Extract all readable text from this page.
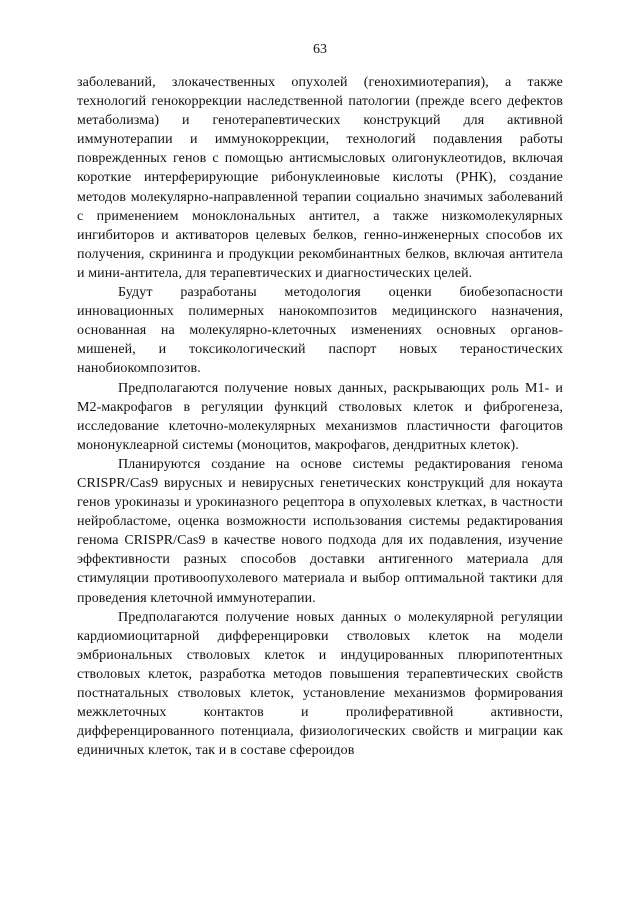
63

заболеваний, злокачественных опухолей (генохимиотерапия), а также технологий генокоррекции наследственной патологии (прежде всего дефектов метаболизма) и генотерапевтических конструкций для активной иммунотерапии и иммунокоррекции, технологий подавления работы поврежденных генов с помощью антисмысловых олигонуклеотидов, включая короткие интерферирующие рибонуклеиновые кислоты (РНК), создание методов молекулярно-направленной терапии социально значимых заболеваний с применением моноклональных антител, а также низкомолекулярных ингибиторов и активаторов целевых белков, генно-инженерных способов их получения, скрининга и продукции рекомбинантных белков, включая антитела и мини-антитела, для терапевтических и диагностических целей.

Будут разработаны методология оценки биобезопасности инновационных полимерных нанокомпозитов медицинского назначения, основанная на молекулярно-клеточных изменениях основных органов-мишеней, и токсикологический паспорт новых тераностических нанобиокомпозитов.

Предполагаются получение новых данных, раскрывающих роль М1- и М2-макрофагов в регуляции функций стволовых клеток и фиброгенеза, исследование клеточно-молекулярных механизмов пластичности фагоцитов мононуклеарной системы (моноцитов, макрофагов, дендритных клеток).

Планируются создание на основе системы редактирования генома CRISPR/Cas9 вирусных и невирусных генетических конструкций для нокаута генов урокиназы и урокиназного рецептора в опухолевых клетках, в частности нейробластоме, оценка возможности использования системы редактирования генома CRISPR/Cas9 в качестве нового подхода для их подавления, изучение эффективности разных способов доставки антигенного материала для стимуляции противоопухолевого материала и выбор оптимальной тактики для проведения клеточной иммунотерапии.

Предполагаются получение новых данных о молекулярной регуляции кардиомиоцитарной дифференцировки стволовых клеток на модели эмбриональных стволовых клеток и индуцированных плюрипотентных стволовых клеток, разработка методов повышения терапевтических свойств постнатальных стволовых клеток, установление механизмов формирования межклеточных контактов и пролиферативной активности, дифференцированного потенциала, физиологических свойств и миграции как единичных клеток, так и в составе сфероидов
